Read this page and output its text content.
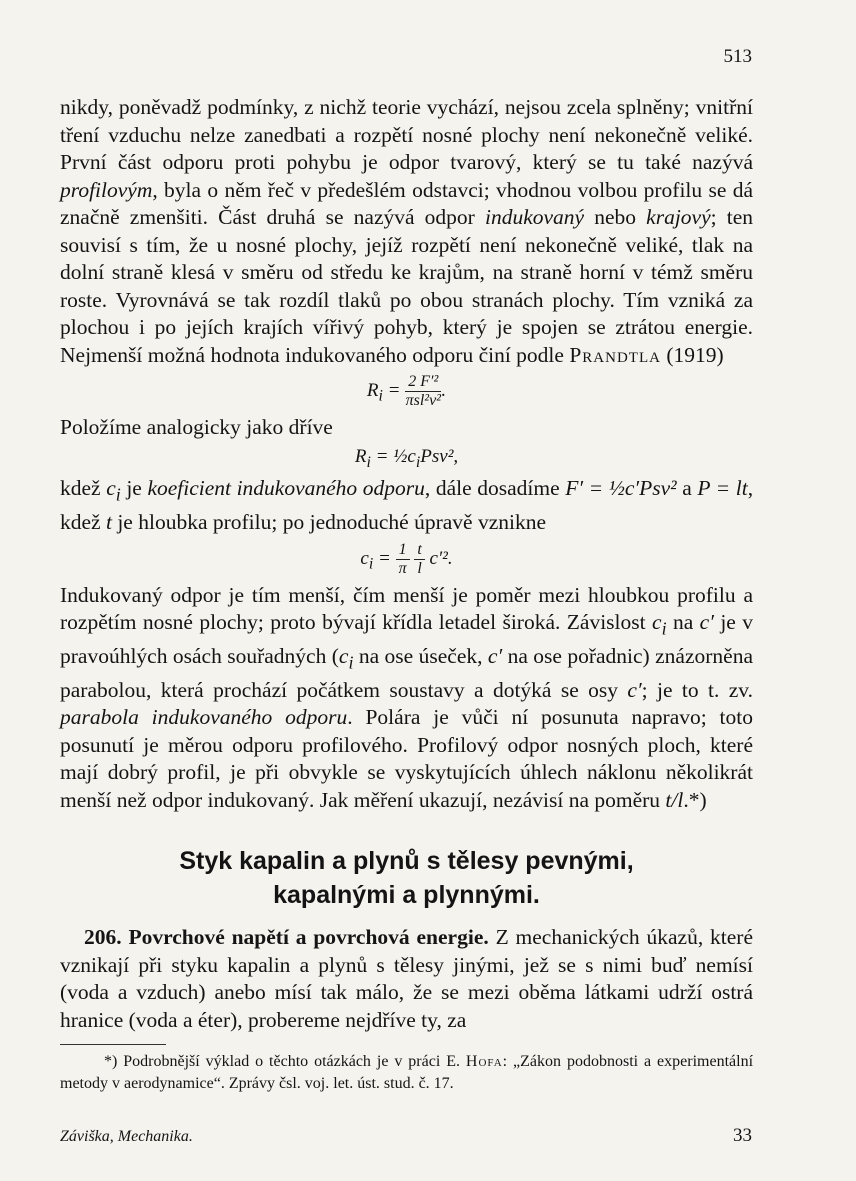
513

nikdy, poněvadž podmínky, z nichž teorie vychází, nejsou zcela splněny; vnitřní tření vzduchu nelze zanedbati a rozpětí nosné plochy není nekonečně veliké. První část odporu proti pohybu je odpor tvarový, který se tu také nazývá profilovým, byla o něm řeč v předešlém odstavci; vhodnou volbou profilu se dá značně zmenšiti. Část druhá se nazývá odpor indukovaný nebo krajový; ten souvisí s tím, že u nosné plochy, jejíž rozpětí není nekonečně veliké, tlak na dolní straně klesá v směru od středu ke krajům, na straně horní v témž směru roste. Vyrovnává se tak rozdíl tlaků po obou stranách plochy. Tím vzniká za plochou i po jejích krajích vířivý pohyb, který je spojen se ztrátou energie. Nejmenší možná hodnota indukovaného odporu činí podle Prandtla (1919)

$R_i = \frac{\text{2 F′²}}{\text{πsl²v²}}$ .

Položíme analogicky jako dříve

$R_i$ = $\frac{1}{2}c_iPsv^2$,

kdež $c_i$ je koeficient indukovaného odporu, dále dosadíme F′ = ½c′Psv² a P = lt, kdež t je hloubka profilu; po jednoduché úpravě vznikne

$c_i = \frac{1}{\pi}$
$\frac{t}{l} c'^2$.

Indukovaný odpor je tím menší, čím menší je poměr mezi hloubkou profilu a rozpětím nosné plochy; proto bývají křídla letadel široká. Závislost $c_i$ na c′ je v pravoúhlých osách souřadných ($c_i$ na ose úseček, c′ na ose pořadnic) znázorněna parabolou, která prochází počátkem soustavy a dotýká se osy c′; je to t. zv. parabola indukovaného odporu. Polára je vůči ní posunuta napravo; toto posunutí je měrou odporu profilového. Profilový odpor nosných ploch, které mají dobrý profil, je při obvykle se vyskytujících úhlech náklonu několikrát menší než odpor indukovaný. Jak měření ukazují, nezávisí na poměru t/l.*)

Styk kapalin a plynů s tělesy pevnými,
kapalnými a plynnými.

206. Povrchové napětí a povrchová energie. Z mechanických úkazů, které vznikají při styku kapalin a plynů s tělesy jinými, jež se s nimi buď nemísí (voda a vzduch) anebo mísí tak málo, že se mezi oběma látkami udrží ostrá hranice (voda a éter), probereme nejdříve ty, za

*) Podrobnější výklad o těchto otázkách je v práci E. Hofa: „Zákon podobnosti a experimentální metody v aerodynamice“. Zprávy čsl. voj. let. úst. stud. č. 17.

Záviška, Mechanika.	33
